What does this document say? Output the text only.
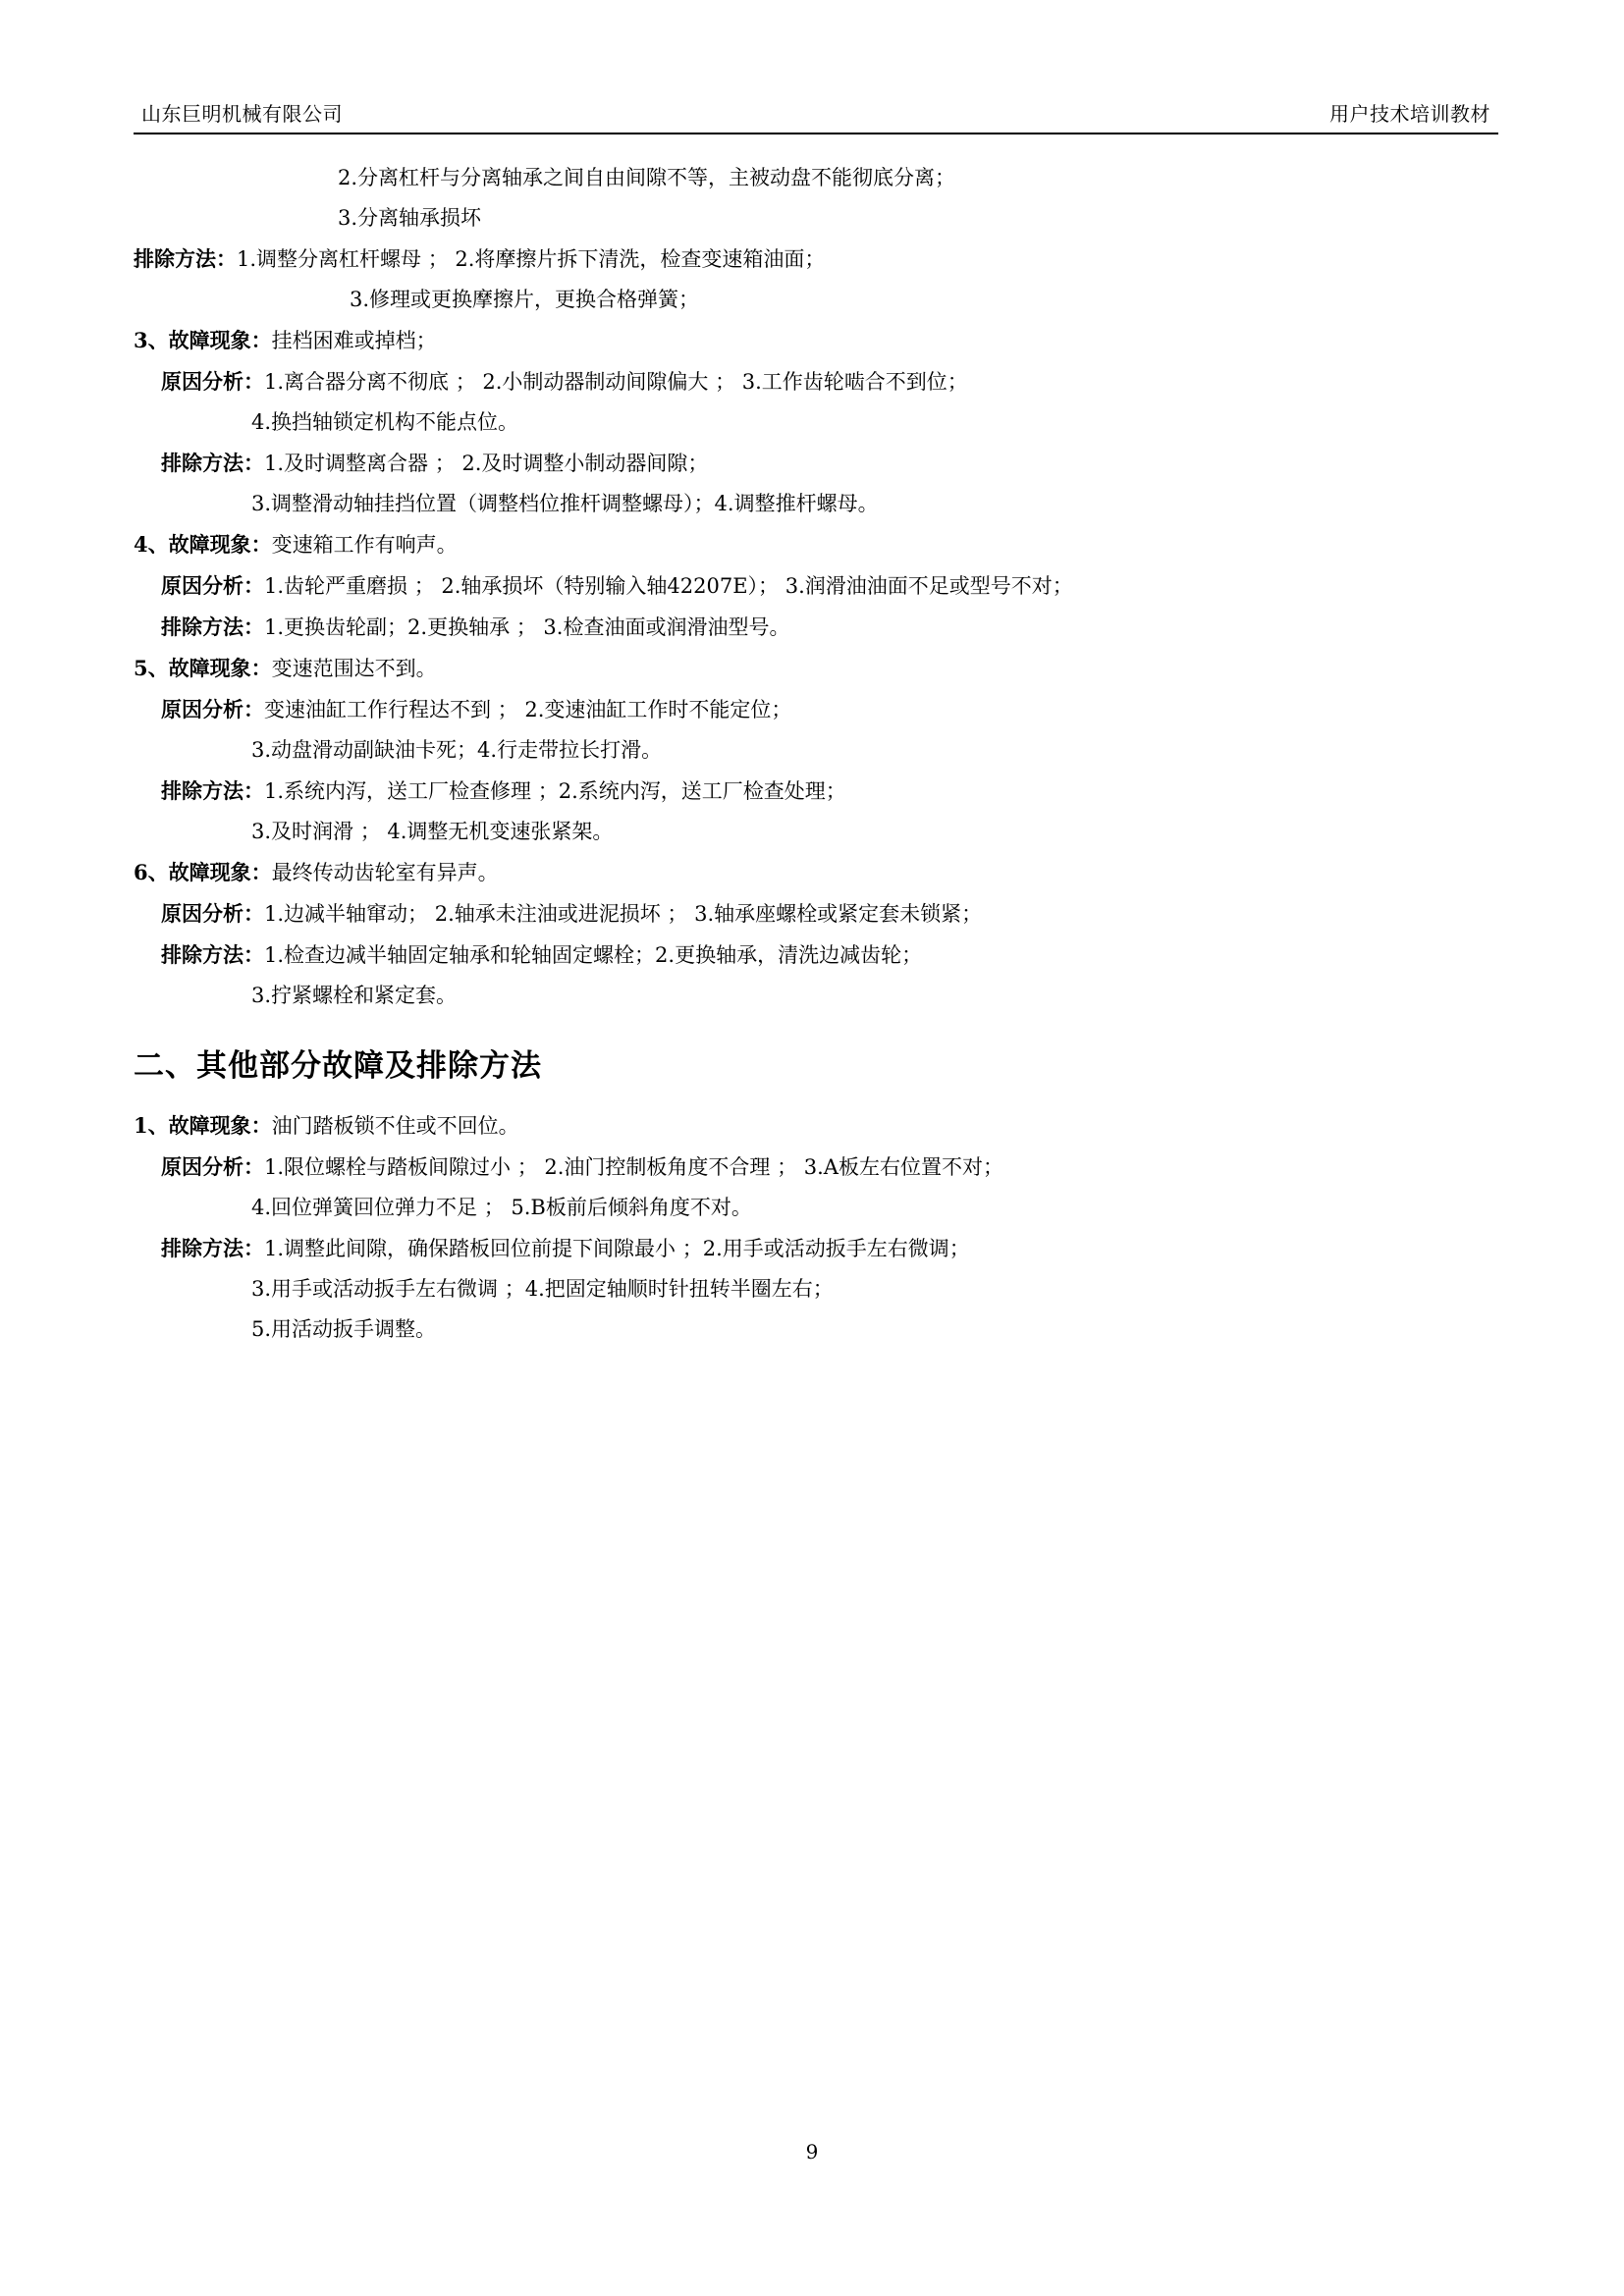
山东巨明机械有限公司	用户技术培训教材
2.分离杠杆与分离轴承之间自由间隙不等，主被动盘不能彻底分离；
3.分离轴承损坏
排除方法： 1.调整分离杠杆螺母 ； 2.将摩擦片拆下清洗，检查变速箱油面；
3.修理或更换摩擦片，更换合格弹簧；
3、 故障现象： 挂档困难或掉档；
原因分析： 1.离合器分离不彻底 ； 2.小制动器制动间隙偏大 ； 3.工作齿轮啮合不到位；
4.换挡轴锁定机构不能点位。
排除方法： 1.及时调整离合器 ； 2.及时调整小制动器间隙；
3.调整滑动轴挂挡位置（调整档位推杆调整螺母）；4.调整推杆螺母。
4、 故障现象： 变速箱工作有响声。
原因分析： 1.齿轮严重磨损 ； 2.轴承损坏（特别输入轴42207E）； 3.润滑油油面不足或型号不对；
排除方法： 1.更换齿轮副；2.更换轴承 ； 3.检查油面或润滑油型号。
5、 故障现象： 变速范围达不到。
原因分析： 变速油缸工作行程达不到 ； 2.变速油缸工作时不能定位；
3.动盘滑动副缺油卡死；4.行走带拉长打滑。
排除方法： 1.系统内泻，送工厂检查修理 ；2.系统内泻，送工厂检查处理；
3.及时润滑 ； 4.调整无机变速张紧架。
6、 故障现象： 最终传动齿轮室有异声。
原因分析： 1.边减半轴窜动； 2.轴承未注油或进泥损坏 ； 3.轴承座螺栓或紧定套未锁紧；
排除方法： 1.检查边减半轴固定轴承和轮轴固定螺栓；2.更换轴承，清洗边减齿轮；
3.拧紧螺栓和紧定套。
二、其他部分故障及排除方法
1、 故障现象： 油门踏板锁不住或不回位。
原因分析： 1.限位螺栓与踏板间隙过小 ； 2.油门控制板角度不合理 ； 3.A板左右位置不对；
4.回位弹簧回位弹力不足 ； 5.B板前后倾斜角度不对。
排除方法： 1.调整此间隙，确保踏板回位前提下间隙最小 ；2.用手或活动扳手左右微调；
3.用手或活动扳手左右微调 ；4.把固定轴顺时针扭转半圈左右；
5.用活动扳手调整。
9
